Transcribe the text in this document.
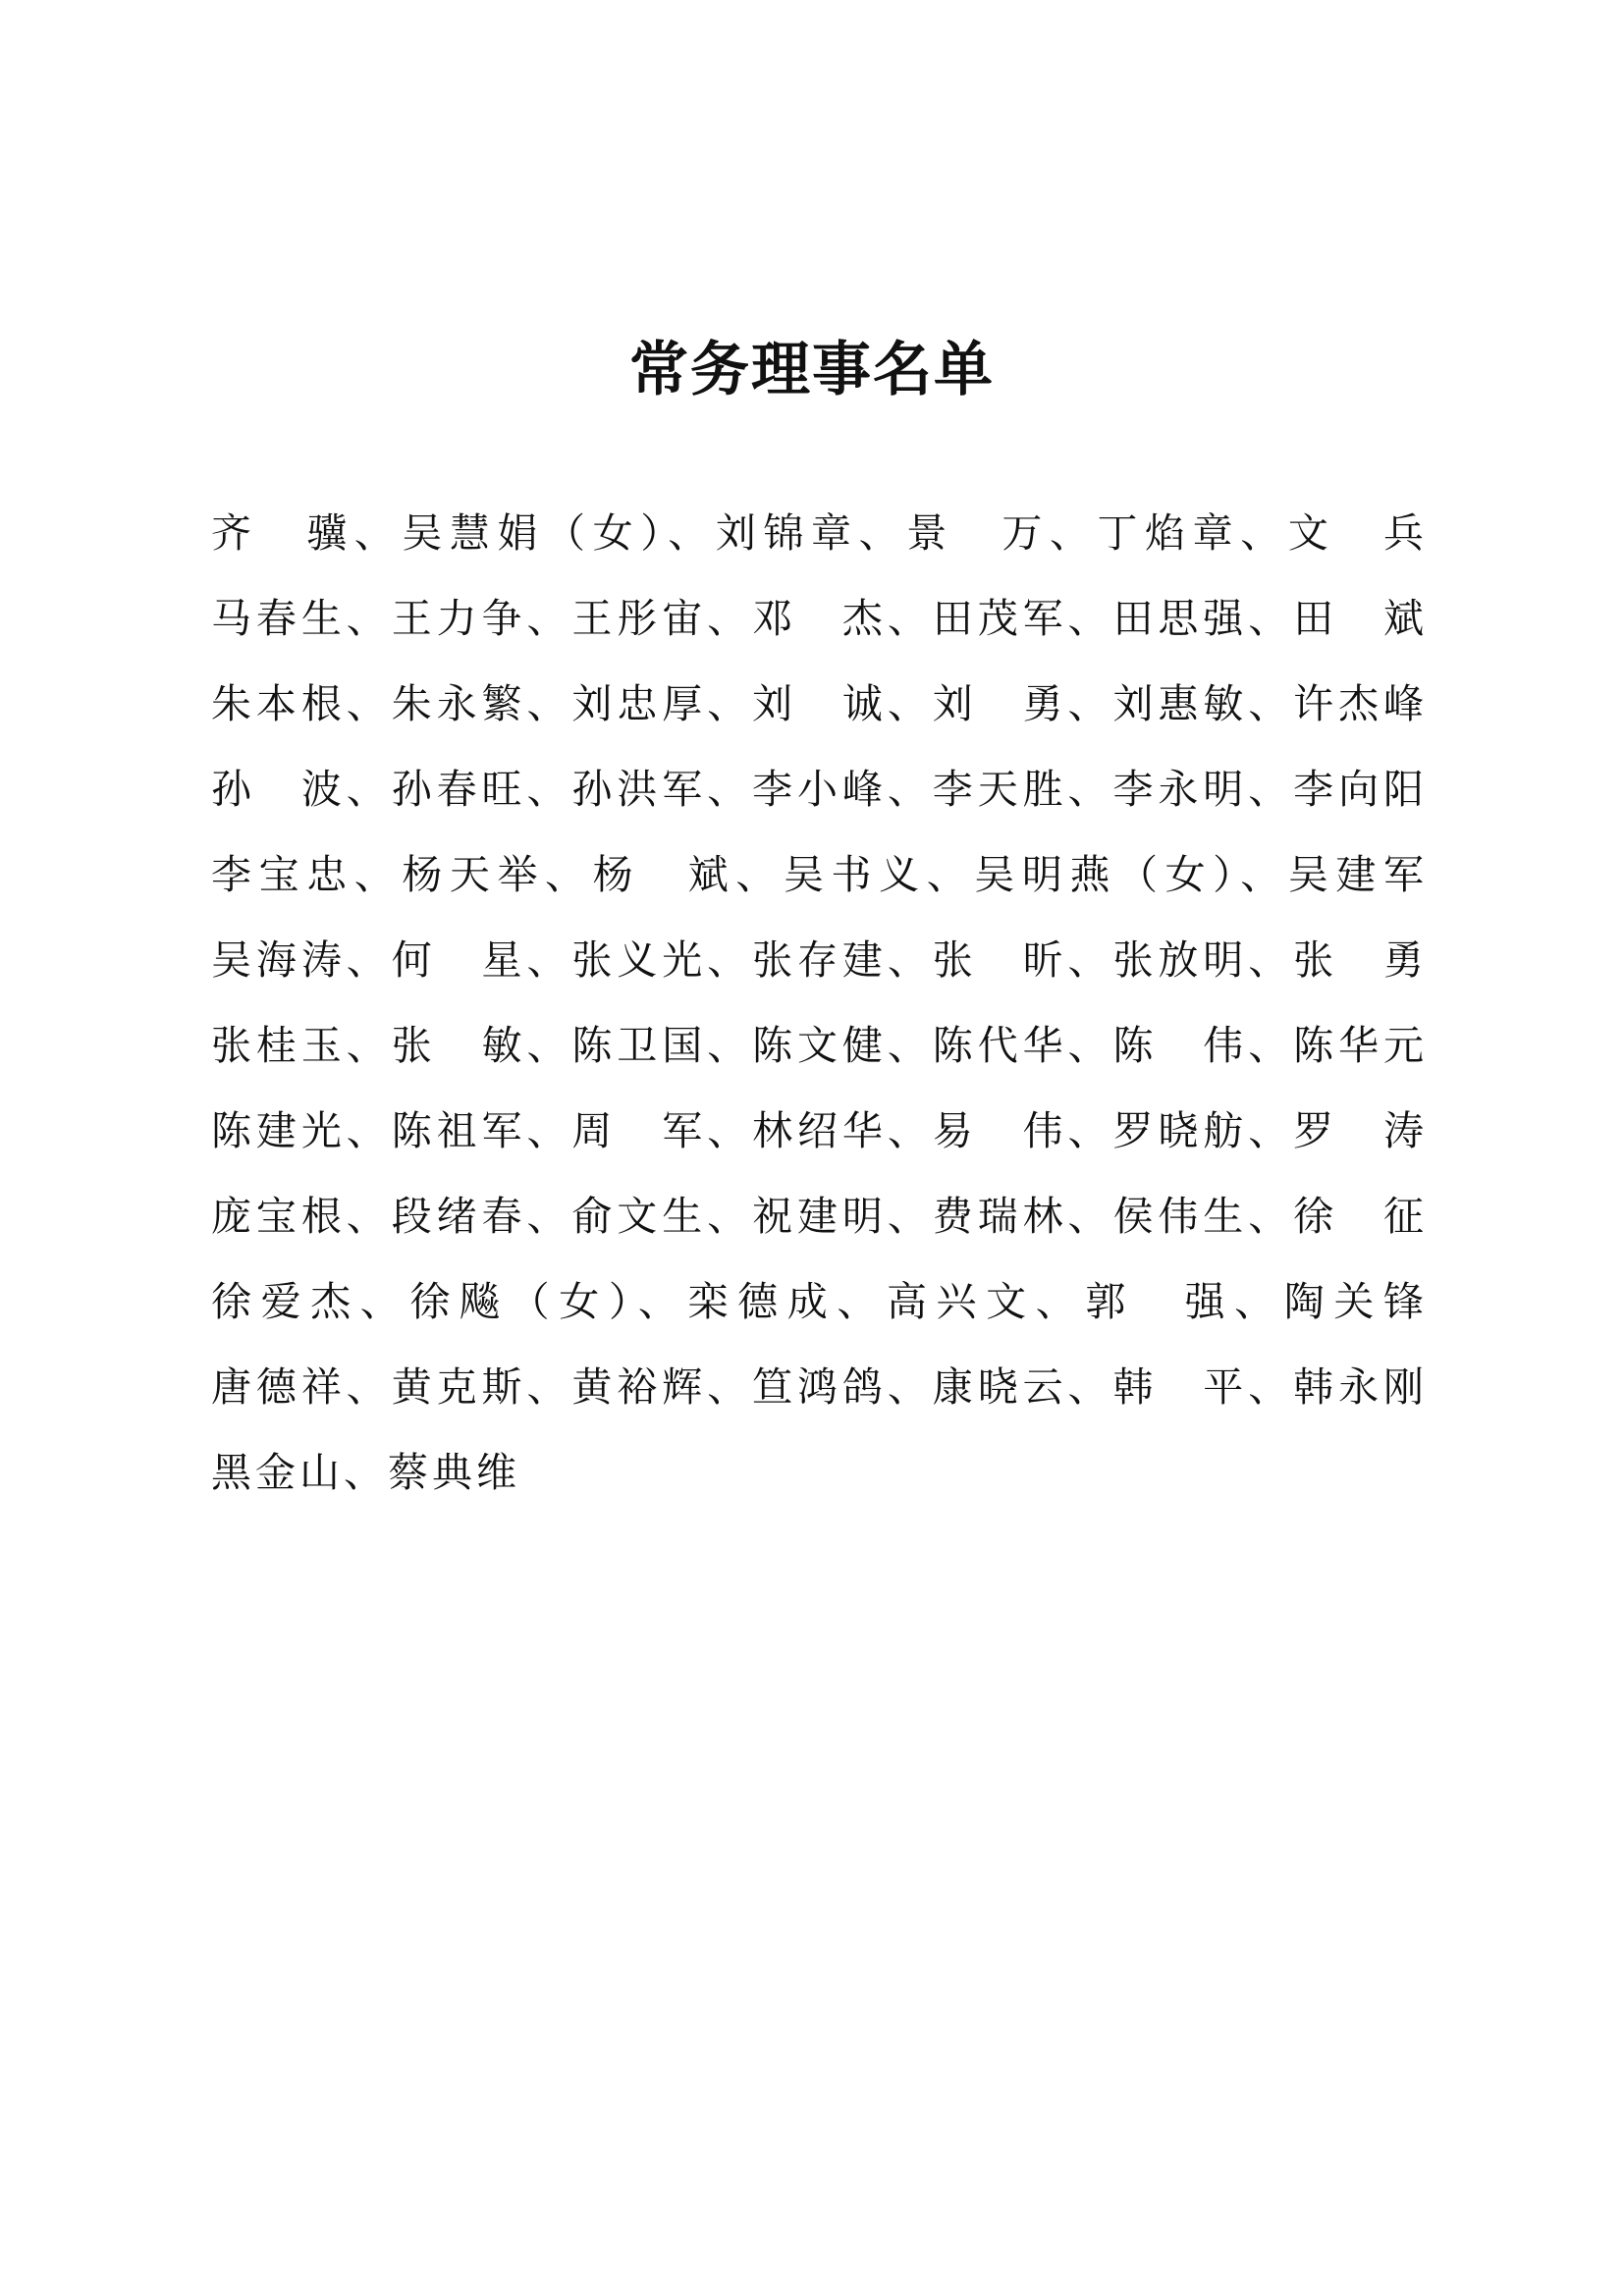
常务理事名单
齐　骥、吴慧娟（女）、刘锦章、景　万、丁焰章、文　兵
马春生、王力争、王彤宙、邓　杰、田茂军、田思强、田　斌
朱本根、朱永繁、刘忠厚、刘　诚、刘　勇、刘惠敏、许杰峰
孙　波、孙春旺、孙洪军、李小峰、李天胜、李永明、李向阳
李宝忠、杨天举、杨　斌、吴书义、吴明燕（女）、吴建军
吴海涛、何　星、张义光、张存建、张　昕、张放明、张　勇
张桂玉、张　敏、陈卫国、陈文健、陈代华、陈　伟、陈华元
陈建光、陈祖军、周　军、林绍华、易　伟、罗晓舫、罗　涛
庞宝根、段绪春、俞文生、祝建明、费瑞林、侯伟生、徐　征
徐爱杰、徐飚（女）、栾德成、高兴文、郭　强、陶关锋
唐德祥、黄克斯、黄裕辉、笪鸿鸽、康晓云、韩　平、韩永刚
黑金山、蔡典维
